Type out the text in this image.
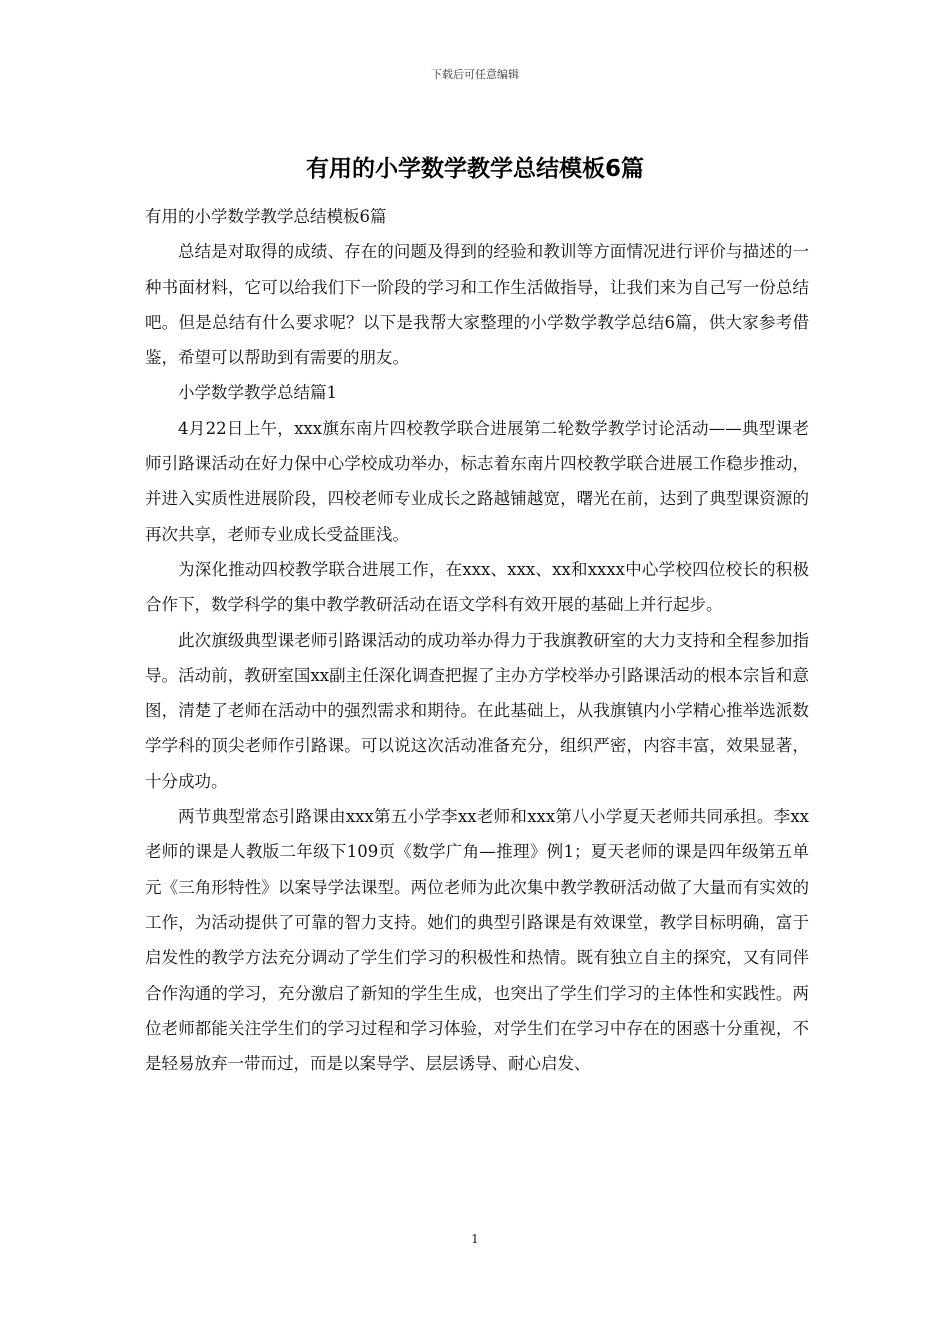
下载后可任意编辑
有用的小学数学教学总结模板6篇

有用的小学数学教学总结模板6篇

总结是对取得的成绩、存在的问题及得到的经验和教训等方面情况进行评价与描述的一种书面材料，它可以给我们下一阶段的学习和工作生活做指导，让我们来为自己写一份总结吧。但是总结有什么要求呢？以下是我帮大家整理的小学数学教学总结6篇，供大家参考借鉴，希望可以帮助到有需要的朋友。

小学数学教学总结篇1

4月22日上午，xxx旗东南片四校教学联合进展第二轮数学教学讨论活动——典型课老师引路课活动在好力保中心学校成功举办，标志着东南片四校教学联合进展工作稳步推动，并进入实质性进展阶段，四校老师专业成长之路越铺越宽，曙光在前，达到了典型课资源的再次共享，老师专业成长受益匪浅。

为深化推动四校教学联合进展工作，在xxx、xxx、xx和xxxx中心学校四位校长的积极合作下，数学科学的集中教学教研活动在语文学科有效开展的基础上并行起步。

此次旗级典型课老师引路课活动的成功举办得力于我旗教研室的大力支持和全程参加指导。活动前，教研室国xx副主任深化调查把握了主办方学校举办引路课活动的根本宗旨和意图，清楚了老师在活动中的强烈需求和期待。在此基础上，从我旗镇内小学精心推举选派数学学科的顶尖老师作引路课。可以说这次活动准备充分，组织严密，内容丰富，效果显著，十分成功。

两节典型常态引路课由xxx第五小学李xx老师和xxx第八小学夏天老师共同承担。李xx老师的课是人教版二年级下109页《数学广角—推理》例1；夏天老师的课是四年级第五单元《三角形特性》以案导学法课型。两位老师为此次集中教学教研活动做了大量而有实效的工作，为活动提供了可靠的智力支持。她们的典型引路课是有效课堂，教学目标明确，富于启发性的教学方法充分调动了学生们学习的积极性和热情。既有独立自主的探究，又有同伴合作沟通的学习，充分激启了新知的学生生成，也突出了学生们学习的主体性和实践性。两位老师都能关注学生们的学习过程和学习体验，对学生们在学习中存在的困惑十分重视，不是轻易放弃一带而过，而是以案导学、层层诱导、耐心启发、

1
